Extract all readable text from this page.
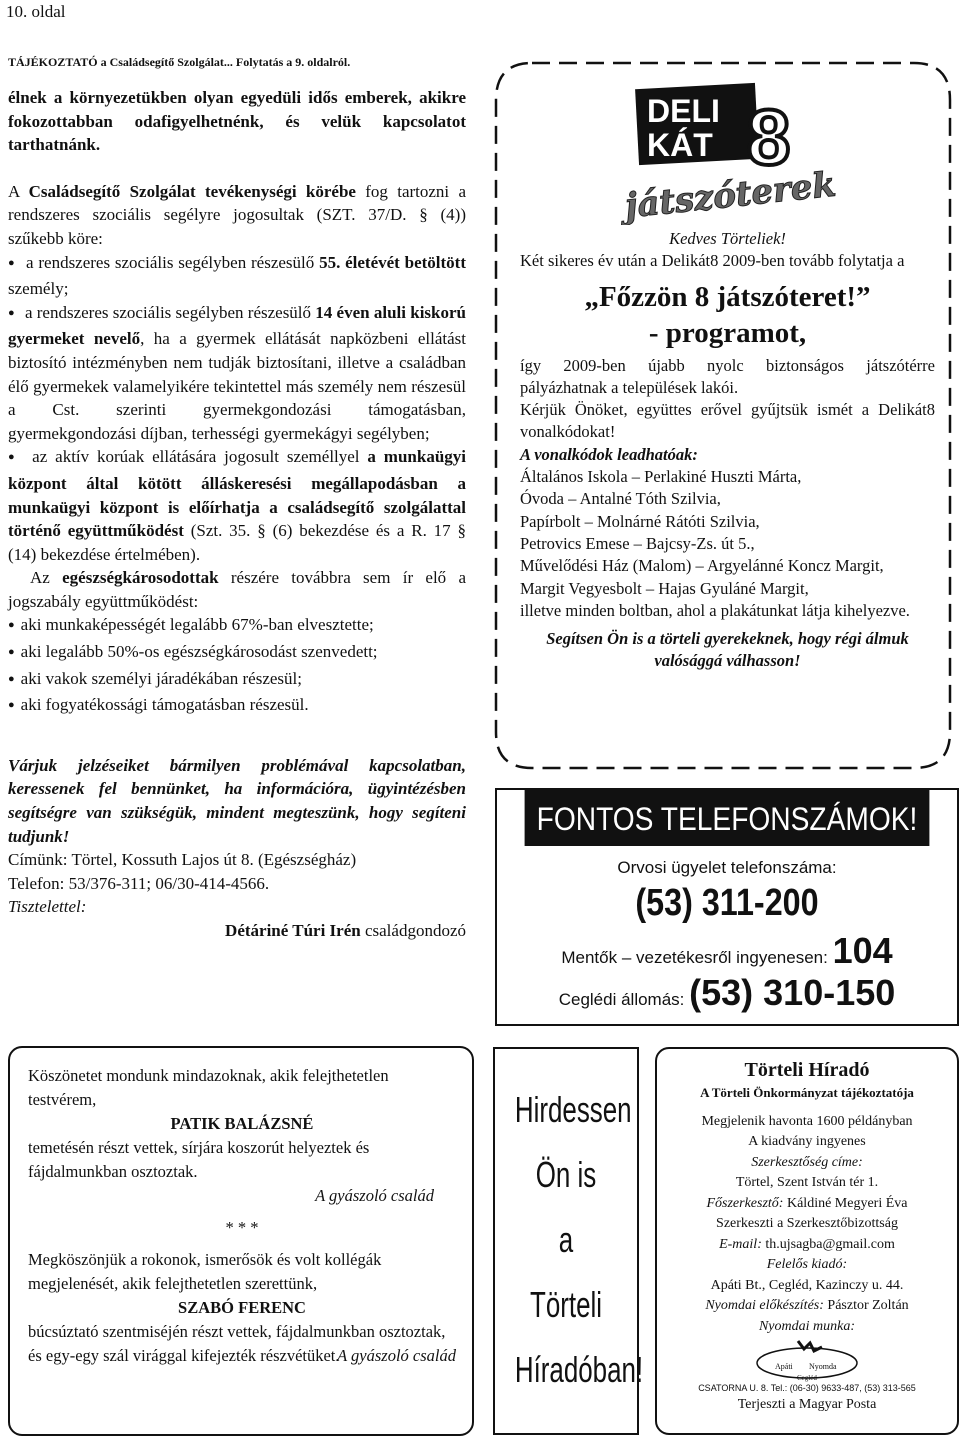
10. oldal
TÁJÉKOZTATÓ a Családsegítő Szolgálat... Folytatás a 9. oldalról.

élnek a környezetükben olyan egyedüli idős emberek, akikre fokozottabban odafigyelhetnénk, és velük kapcsolatot tarthatnánk.

A Családsegítő Szolgálat tevékenységi körébe fog tartozni a rendszeres szociális segélyre jogosultak (SZT. 37/D. § (4)) szűkebb köre:

● a rendszeres szociális segélyben részesülő 55. életévét betöltött személy;

● a rendszeres szociális segélyben részesülő 14 éven aluli kiskorú gyermeket nevelő, ha a gyermek ellátását napközbeni ellátást biztosító intézményben nem tudják biztosítani, illetve a családban élő gyermekek valamelyikére tekintettel más személy nem részesül a Cst. szerinti gyermekgondozási támogatásban, gyermekgondozási díjban, terhességi gyermekágyi segélyben;

● az aktív korúak ellátására jogosult személlyel a munkaügyi központ által kötött álláskeresési megállapodásban a munkaügyi központ is előírhatja a családsegítő szolgálattal történő együttműködést (Szt. 35. § (6) bekezdése és a R. 17 § (14) bekezdése értelmében).

Az egészségkárosodottak részére továbbra sem ír elő a jogszabály együttműködést:

● aki munkaképességét legalább 67%-ban elvesztette;

● aki legalább 50%-os egészségkárosodást szenvedett;

● aki vakok személyi járadékában részesül;

● aki fogyatékossági támogatásban részesül.

Várjuk jelzéseiket bármilyen problémával kapcsolatban, keressenek fel bennünket, ha információra, ügyintézésben segítségre van szükségük, mindent megteszünk, hogy segíteni tudjunk!

Címünk: Törtel, Kossuth Lajos út 8. (Egészségház)

Telefon: 53/376-311; 06/30-414-4566.

Tisztelettel:

Détáriné Túri Irén családgondozó

DELI
KÁT 8
játszóterek

Kedves Törteliek!

Két sikeres év után a Delikát8 2009-ben tovább folytatja a

„Főzzön 8 játszóteret!”

- programot,

így 2009-ben újabb nyolc biztonságos játszótérre pályázhatnak a települések lakói.

Kérjük Önöket, együttes erővel gyűjtsük ismét a Delikát8 vonalkódokat!

A vonalkódok leadhatóak:

Általános Iskola – Perlakiné Huszti Márta,

Óvoda – Antalné Tóth Szilvia,

Papírbolt – Molnárné Rátóti Szilvia,

Petrovics Emese – Bajcsy-Zs. út 5.,

Művelődési Ház (Malom) – Argyelánné Koncz Margit,

Margit Vegyesbolt – Hajas Gyuláné Margit,

illetve minden boltban, ahol a plakátunkat látja kihelyezve.

Segítsen Ön is a törteli gyerekeknek, hogy régi álmuk valósággá válhasson!

FONTOS TELEFONSZÁMOK!
Orvosi ügyelet telefonszáma:
(53) 311-200
Mentők – vezetékesről ingyenesen: 104
Ceglédi állomás: (53) 310-150

Köszönetet mondunk mindazoknak, akik felejthetetlen testvérem,

PATIK BALÁZSNÉ

temetésén részt vettek, sírjára koszorút helyeztek és fájdalmunkban osztoztak.

A gyászoló család

* * *

Megköszönjük a rokonok, ismerősök és volt kollégák megjelenését, akik felejthetetlen szerettünk,

SZABÓ FERENC

búcsúztató szentmiséjén részt vettek, fájdalmunkban osztoztak, és egy-egy szál virággal kifejezték részvétüket.

A gyászoló család

Hirdessen
Ön is
a
Törteli
Híradóban!

Törteli Híradó

A Törteli Önkormányzat tájékoztatója

Megjelenik havonta 1600 példányban

A kiadvány ingyenes

Szerkesztőség címe:

Törtel, Szent István tér 1.

Főszerkesztő: Káldiné Megyeri Éva

Szerkeszti a Szerkesztőbizottság

E-mail: th.ujsagba@gmail.com

Felelős kiadó:

Apáti Bt., Cegléd, Kazinczy u. 44.

Nyomdai előkészítés: Pásztor Zoltán

Nyomdai munka:

Apáti Nyomda
Cegléd

CSATORNA U. 8. Tel.: (06-30) 9633-487, (53) 313-565

Terjeszti a Magyar Posta
